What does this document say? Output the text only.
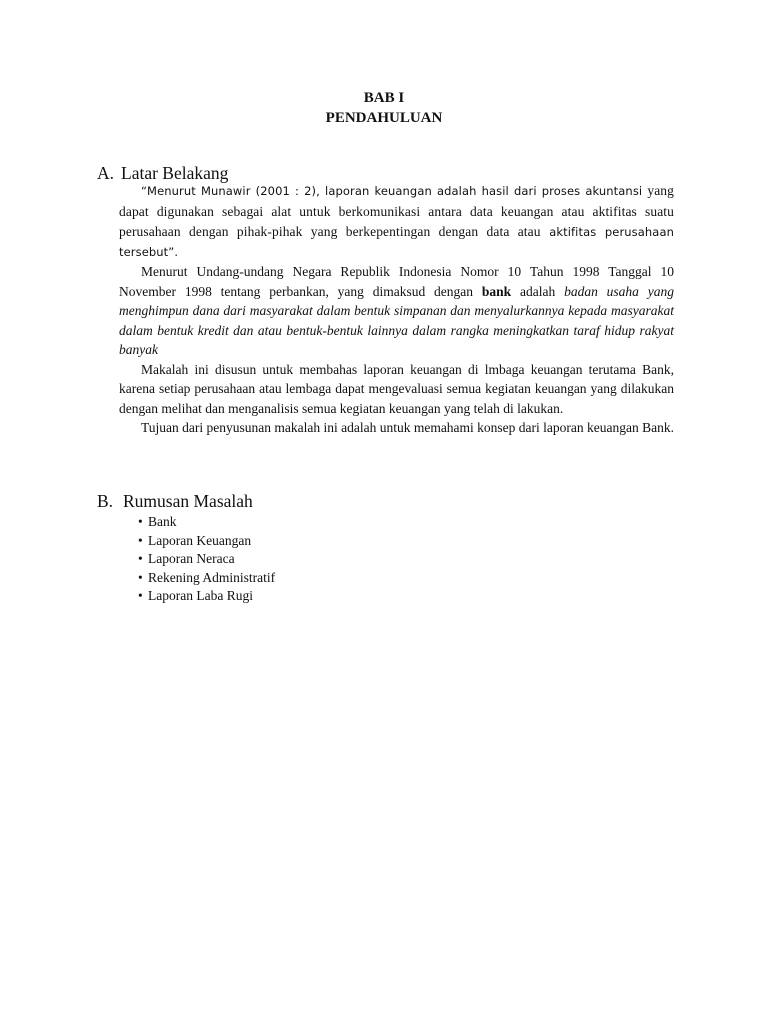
BAB I
PENDAHULUAN
A. Latar Belakang

“Menurut Munawir (2001 : 2), laporan keuangan adalah hasil dari proses akuntansi yang dapat digunakan sebagai alat untuk berkomunikasi antara data keuangan atau aktifitas suatu perusahaan dengan pihak-pihak yang berkepentingan dengan data atau aktifitas perusahaan tersebut”.

Menurut Undang-undang Negara Republik Indonesia Nomor 10 Tahun 1998 Tanggal 10 November 1998 tentang perbankan, yang dimaksud dengan bank adalah badan usaha yang menghimpun dana dari masyarakat dalam bentuk simpanan dan menyalurkannya kepada masyarakat dalam bentuk kredit dan atau bentuk-bentuk lainnya dalam rangka meningkatkan taraf hidup rakyat banyak

Makalah ini disusun untuk membahas laporan keuangan di lmbaga keuangan terutama Bank, karena setiap perusahaan atau lembaga dapat mengevaluasi semua kegiatan keuangan yang dilakukan dengan melihat dan menganalisis semua kegiatan keuangan yang telah di lakukan.

Tujuan dari penyusunan makalah ini adalah untuk memahami konsep dari laporan keuangan Bank.

B. Rumusan Masalah
• Bank
• Laporan Keuangan
• Laporan Neraca
• Rekening Administratif
• Laporan Laba Rugi
